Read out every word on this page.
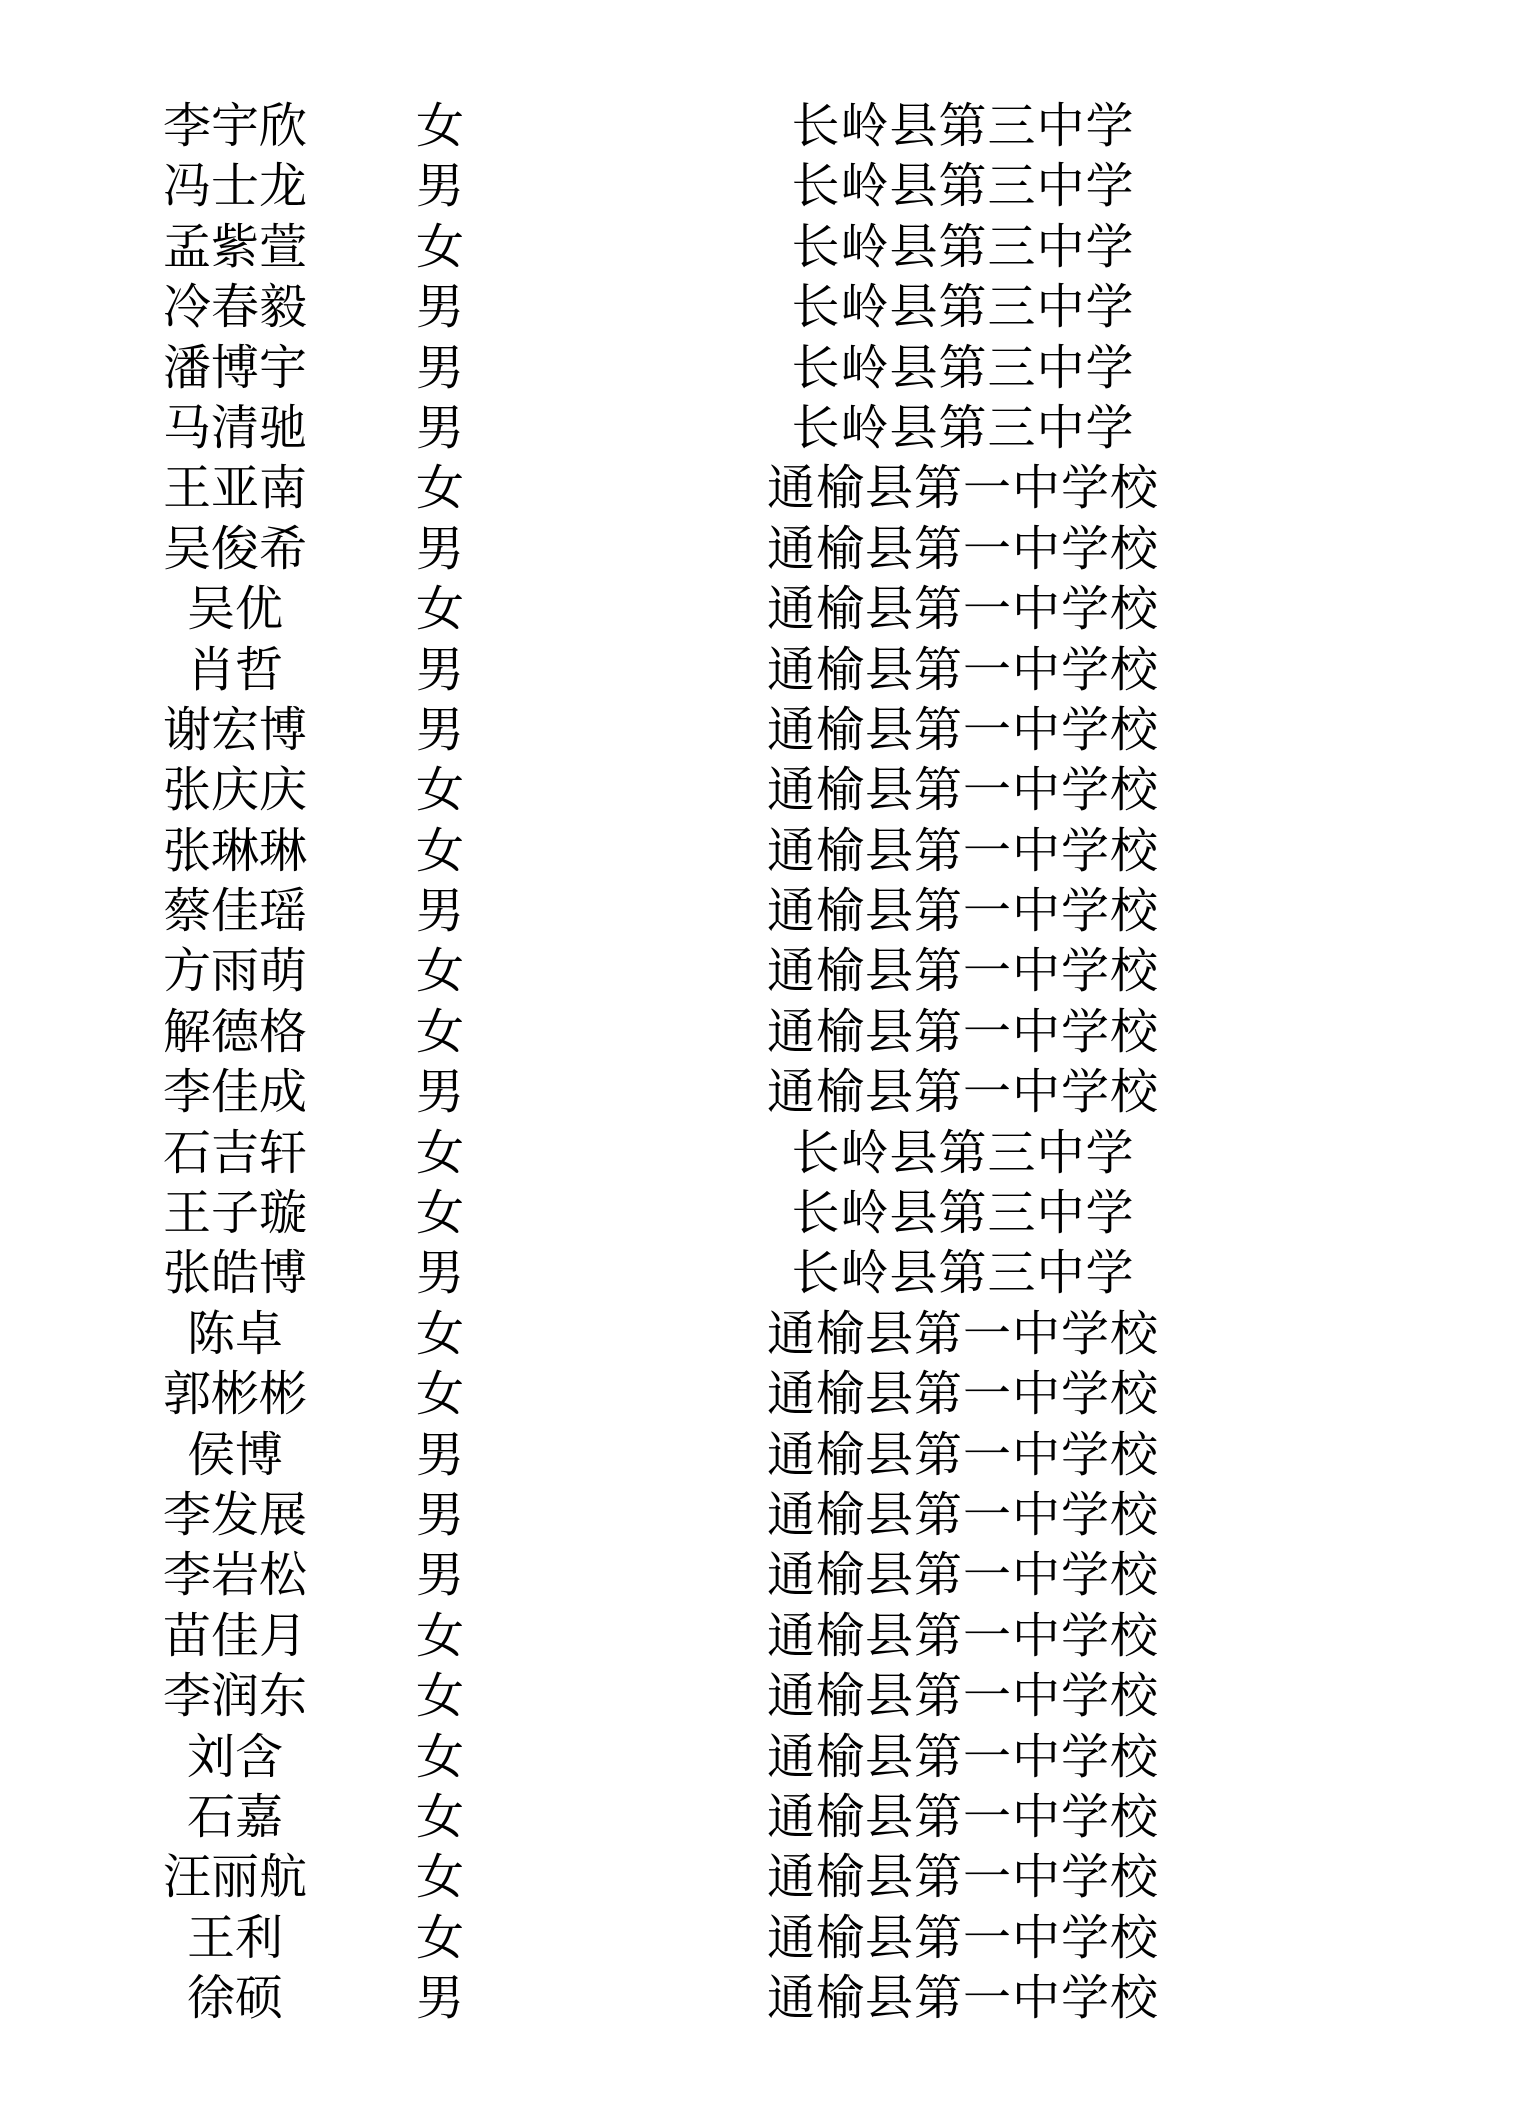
李宇欣	女	长岭县第三中学
冯士龙	男	长岭县第三中学
孟紫萱	女	长岭县第三中学
冷春毅	男	长岭县第三中学
潘博宇	男	长岭县第三中学
马清驰	男	长岭县第三中学
王亚南	女	通榆县第一中学校
吴俊希	男	通榆县第一中学校
吴优	女	通榆县第一中学校
肖哲	男	通榆县第一中学校
谢宏博	男	通榆县第一中学校
张庆庆	女	通榆县第一中学校
张琳琳	女	通榆县第一中学校
蔡佳瑶	男	通榆县第一中学校
方雨萌	女	通榆县第一中学校
解德格	女	通榆县第一中学校
李佳成	男	通榆县第一中学校
石吉轩	女	长岭县第三中学
王子璇	女	长岭县第三中学
张皓博	男	长岭县第三中学
陈卓	女	通榆县第一中学校
郭彬彬	女	通榆县第一中学校
侯博	男	通榆县第一中学校
李发展	男	通榆县第一中学校
李岩松	男	通榆县第一中学校
苗佳月	女	通榆县第一中学校
李润东	女	通榆县第一中学校
刘含	女	通榆县第一中学校
石嘉	女	通榆县第一中学校
汪丽航	女	通榆县第一中学校
王利	女	通榆县第一中学校
徐硕	男	通榆县第一中学校
